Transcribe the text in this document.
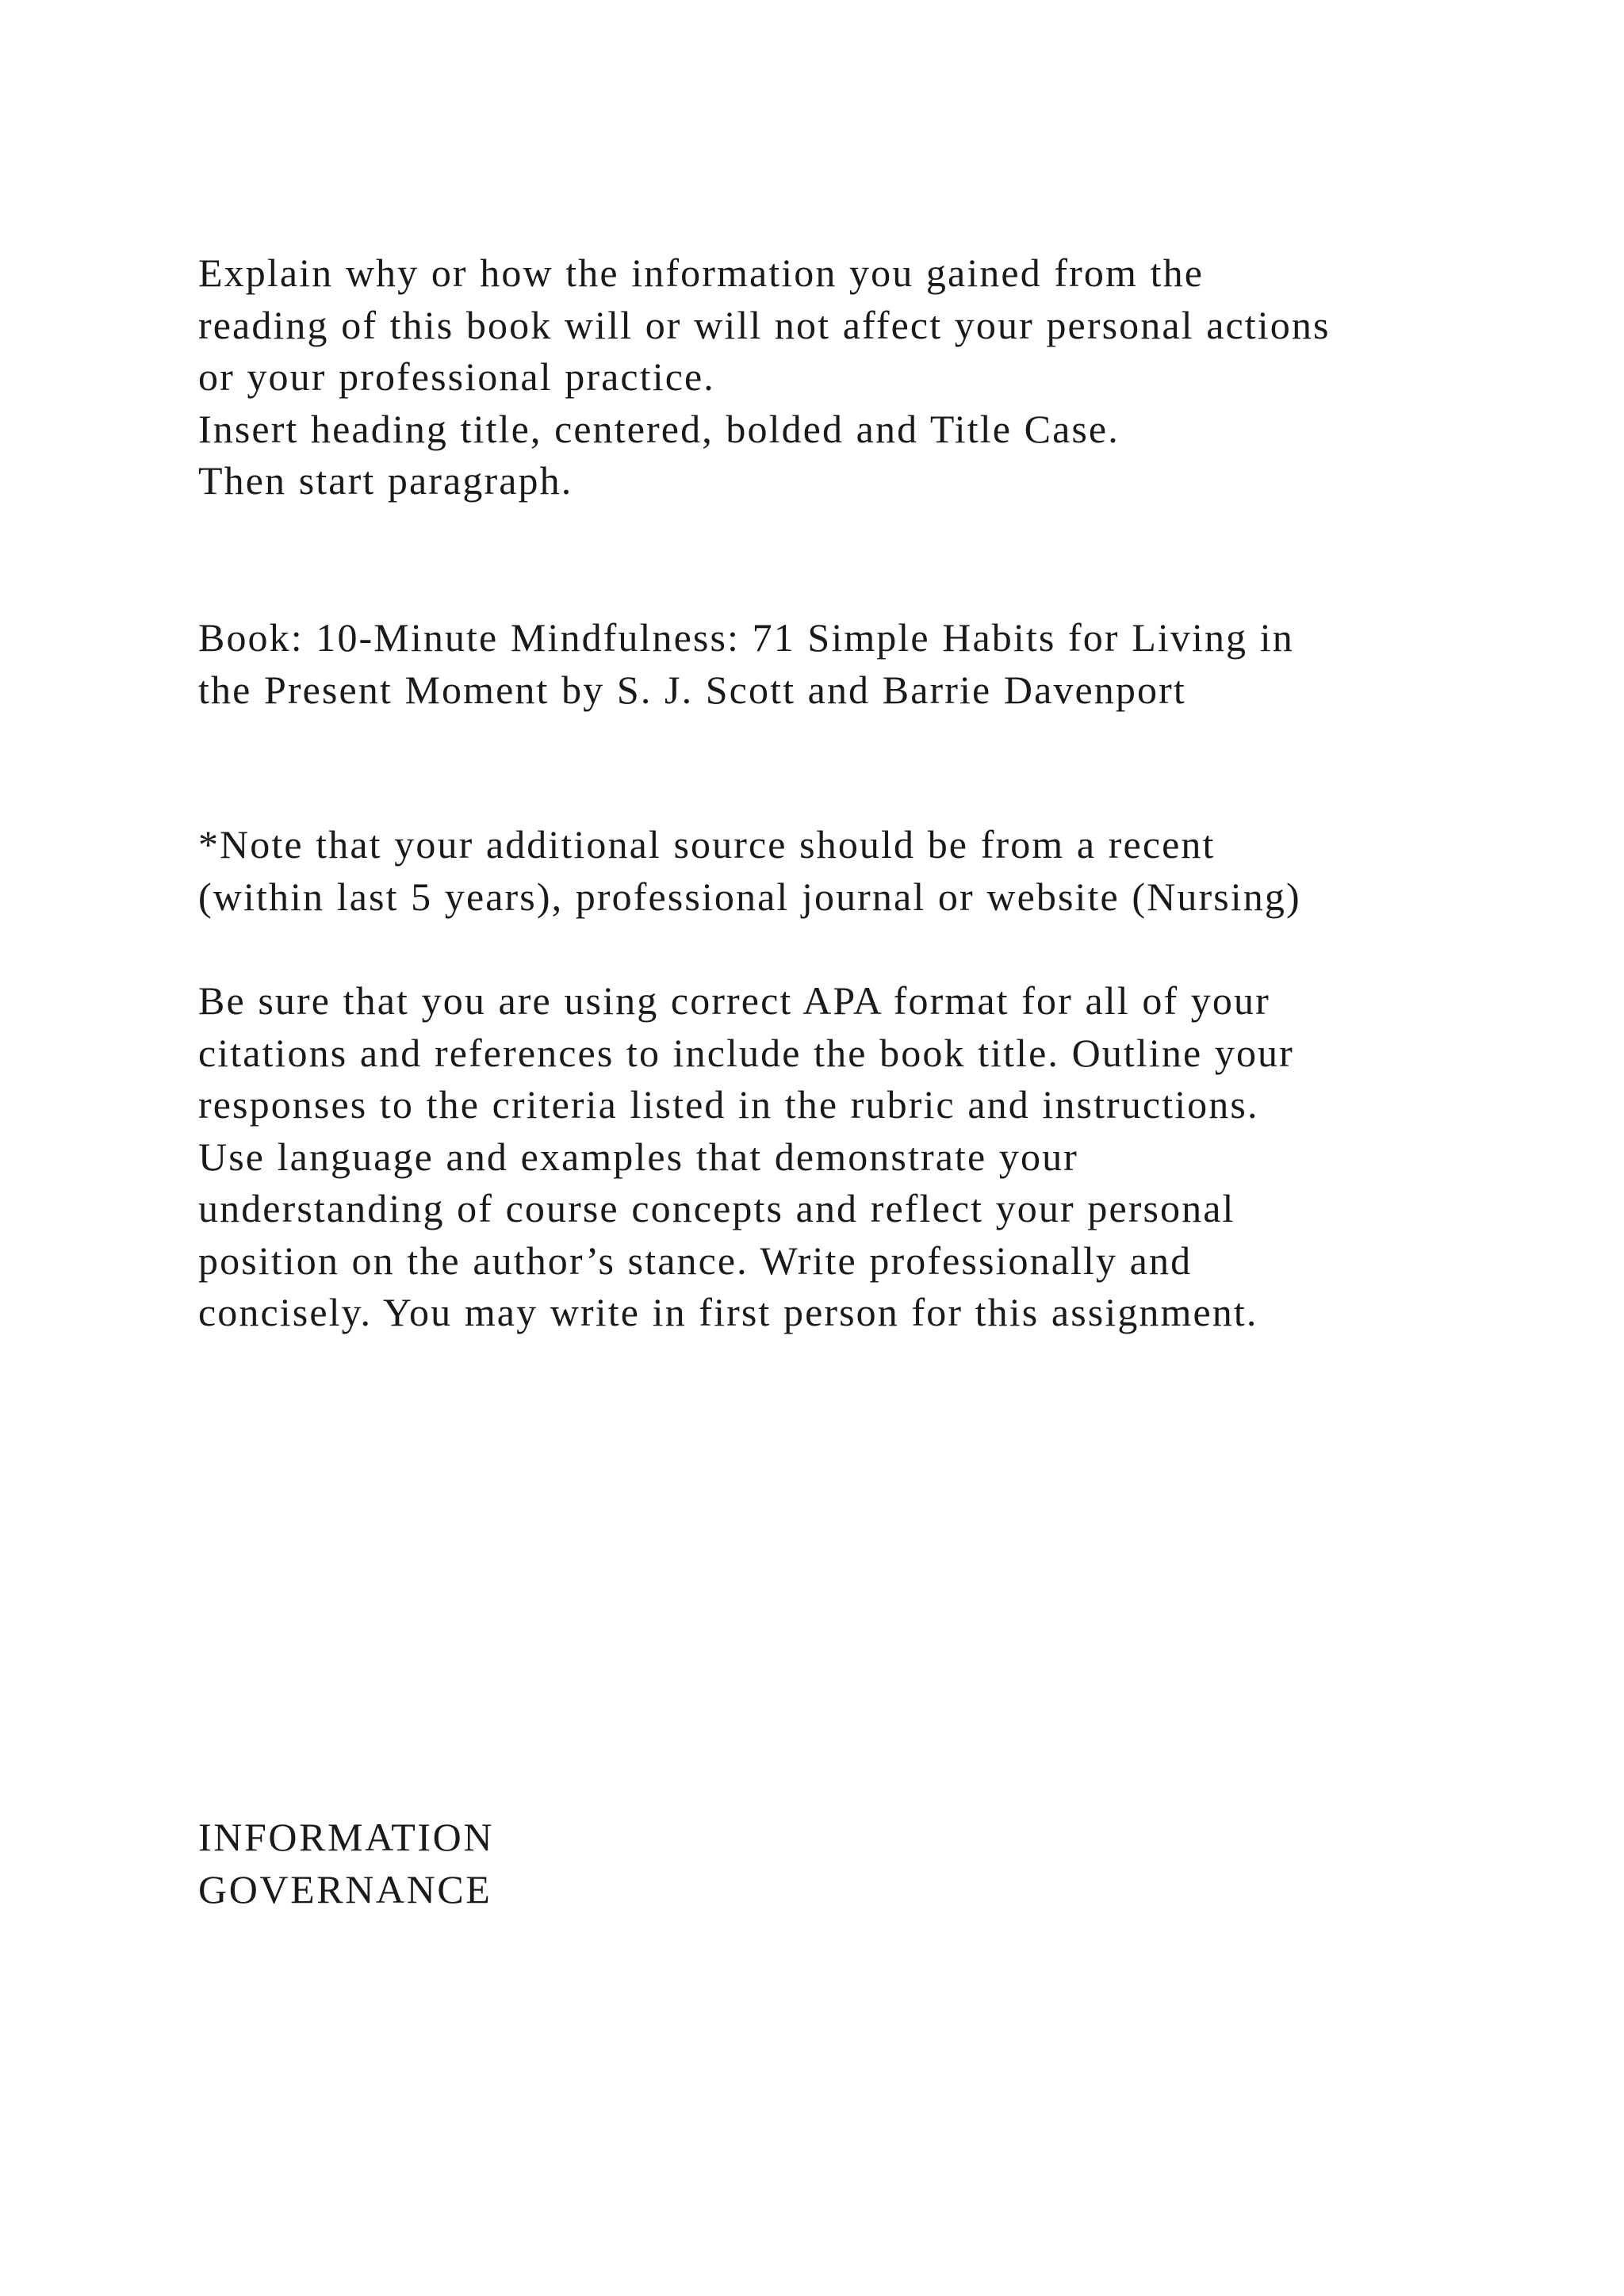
Explain why or how the information you gained from the
reading of this book will or will not affect your personal actions
or your professional practice.
Insert heading title, centered, bolded and Title Case.
Then start paragraph.
Book: 10-Minute Mindfulness: 71 Simple Habits for Living in
the Present Moment by S. J. Scott and Barrie Davenport
*Note that your additional source should be from a recent
(within last 5 years), professional journal or website (Nursing)
Be sure that you are using correct APA format for all of your
citations and references to include the book title. Outline your
responses to the criteria listed in the rubric and instructions.
Use language and examples that demonstrate your
understanding of course concepts and reflect your personal
position on the author’s stance. Write professionally and
concisely. You may write in first person for this assignment.
INFORMATION
GOVERNANCE
